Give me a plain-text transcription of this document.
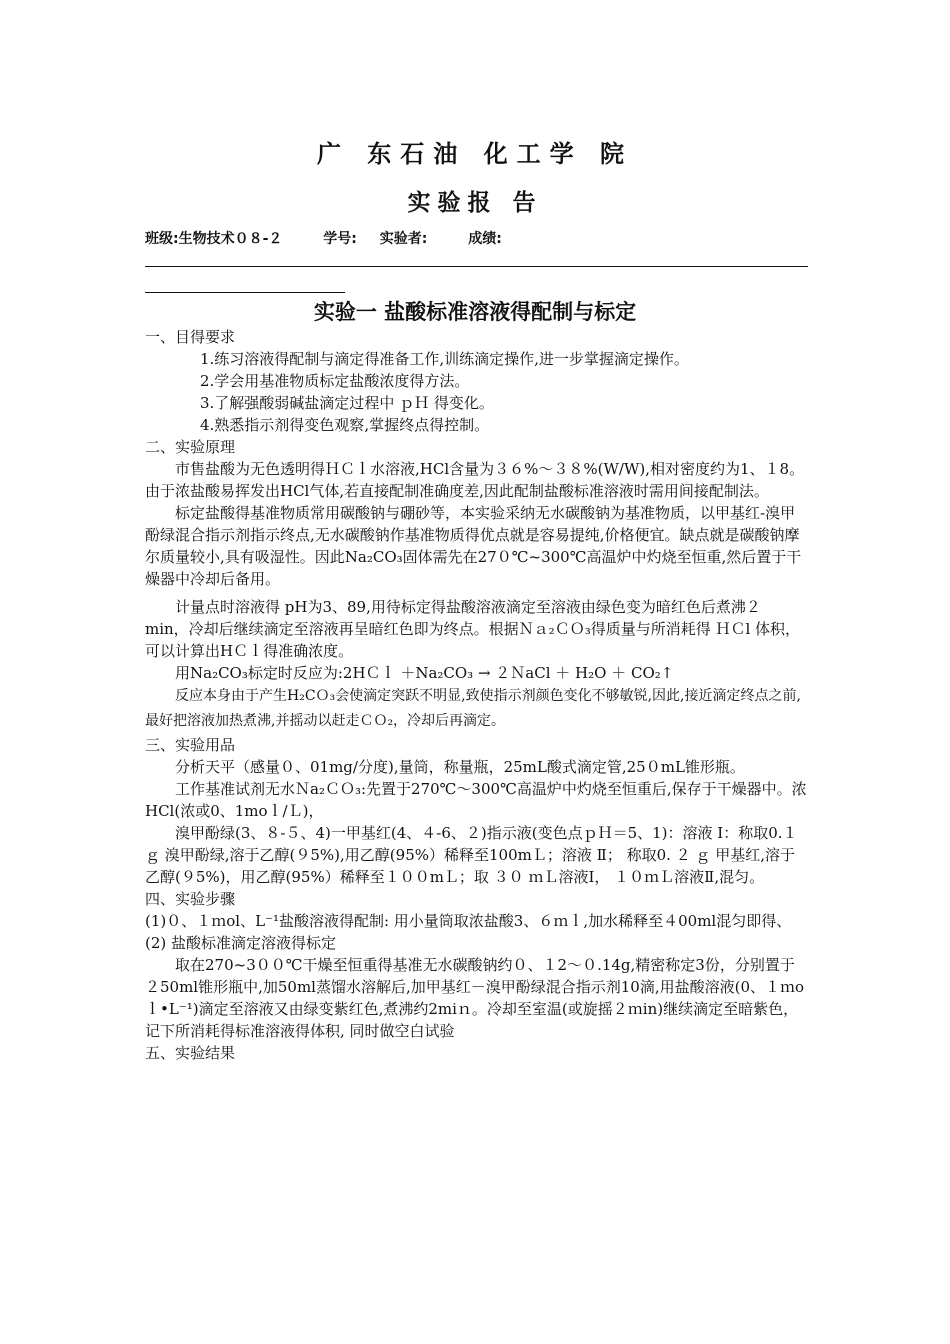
广 东石油 化工学 院
实验报 告
班级:生物技术０８-２	学号: 实验者:	成绩:
实验一 盐酸标准溶液得配制与标定

一、目得要求

1.练习溶液得配制与滴定得准备工作,训练滴定操作,进一步掌握滴定操作。

2.学会用基准物质标定盐酸浓度得方法。

3.了解强酸弱碱盐滴定过程中 ｐＨ 得变化。

4.熟悉指示剂得变色观察,掌握终点得控制。

二、实验原理

市售盐酸为无色透明得ＨＣｌ水溶液,HCl含量为３６%～３８%(W/W),相对密度约为1、１8。由于浓盐酸易挥发出HCl气体,若直接配制准确度差,因此配制盐酸标准溶液时需用间接配制法。

标定盐酸得基准物质常用碳酸钠与硼砂等，本实验采纳无水碳酸钠为基准物质，以甲基红-溴甲酚绿混合指示剂指示终点,无水碳酸钠作基准物质得优点就是容易提纯,价格便宜。缺点就是碳酸钠摩尔质量较小,具有吸湿性。因此Na₂CO₃固体需先在27０℃~300℃高温炉中灼烧至恒重,然后置于干燥器中冷却后备用。

计量点时溶液得 pH为3、89,用待标定得盐酸溶液滴定至溶液由绿色变为暗红色后煮沸２ min，冷却后继续滴定至溶液再呈暗红色即为终点。根据Ｎａ₂ＣＯ₃得质量与所消耗得 ＨＣl 体积，可以计算出HＣｌ得准确浓度。

用Na₂CO₃标定时反应为:2HＣｌ ＋Na₂CO₃ → ２ＮaCl ＋ H₂O ＋ CO₂↑

反应本身由于产生H₂CＯ₃会使滴定突跃不明显,致使指示剂颜色变化不够敏锐,因此,接近滴定终点之前,最好把溶液加热煮沸,并摇动以赶走ＣＯ₂，冷却后再滴定。

三、实验用品

分析天平（感量０、01mg/分度),量筒，称量瓶，25mL酸式滴定管,25０mL锥形瓶。

工作基准试剂无水Ｎa₂ＣＯ₃:先置于270℃～300℃高温炉中灼烧至恒重后,保存于干燥器中。浓HCl(浓或0、1moｌ/Ｌ)，

溴甲酚绿(3、８-５、4)一甲基红(4、４-6、２)指示液(变色点ｐＨ＝5、1)：溶液 Ⅰ：称取0.１ｇ 溴甲酚绿,溶于乙醇(９5%),用乙醇(95%）稀释至100mＬ；溶液 Ⅱ； 称取0. ２ ｇ 甲基红,溶于乙醇(９5%)，用乙醇(95%）稀释至１００mＬ；取 ３０ ｍＬ溶液Ⅰ， １０ｍＬ溶液Ⅱ,混匀。

四、实验步骤

(1)０、１ｍol、L⁻¹盐酸溶液得配制: 用小量筒取浓盐酸3、６ｍｌ,加水稀释至４00ml混匀即得、

(2) 盐酸标准滴定溶液得标定

取在270~3００℃干燥至恒重得基准无水碳酸钠约０、１2～０.14g,精密称定3份，分别置于２50ml锥形瓶中,加50ml蒸馏水溶解后,加甲基红－溴甲酚绿混合指示剂10滴,用盐酸溶液(0、１ｍoｌ•L⁻¹)滴定至溶液又由绿变紫红色,煮沸约2miｎ。冷却至室温(或旋摇２ｍin)继续滴定至暗紫色，记下所消耗得标准溶液得体积, 同时做空白试验

五、实验结果
